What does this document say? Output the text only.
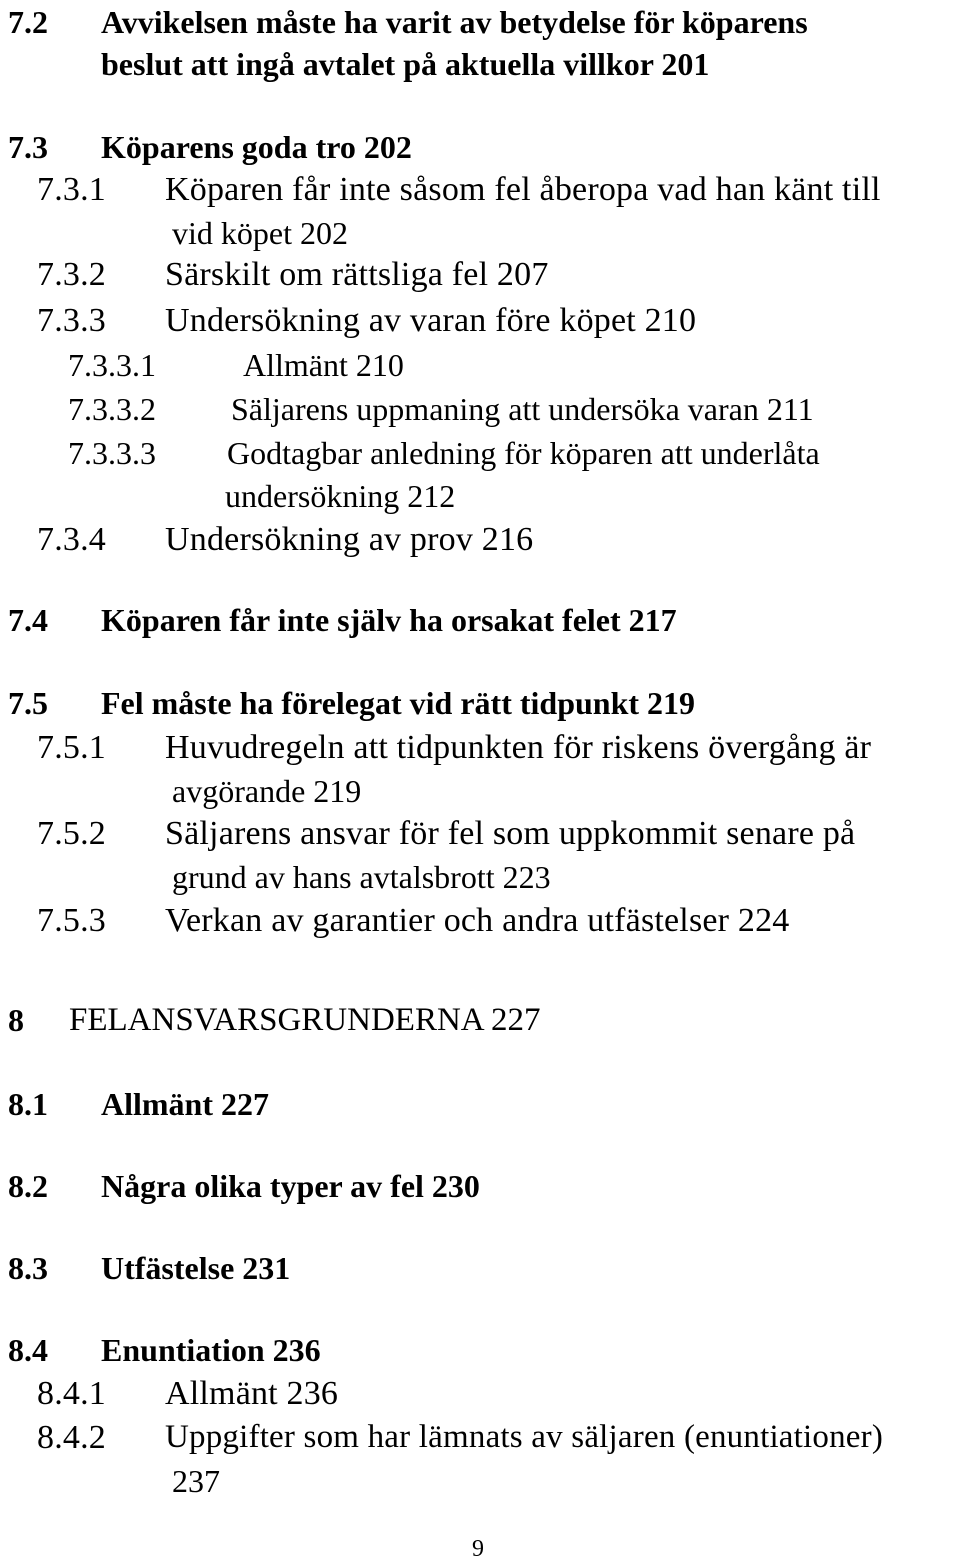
7.2 Avvikelsen måste ha varit av betydelse för köparens
beslut att ingå avtalet på aktuella villkor 201
7.3 Köparens goda tro 202
7.3.1 Köparen får inte såsom fel åberopa vad han känt till
vid köpet 202
7.3.2 Särskilt om rättsliga fel 207
7.3.3 Undersökning av varan före köpet 210
7.3.3.1	Allmänt 210
7.3.3.2 Säljarens uppmaning att undersöka varan 211
7.3.3.3 Godtagbar anledning för köparen att underlåta
undersökning 212
7.3.4 Undersökning av prov 216
7.4 Köparen får inte själv ha orsakat felet 217
7.5 Fel måste ha förelegat vid rätt tidpunkt 219
7.5.1 Huvudregeln att tidpunkten för riskens övergång är
avgörande 219
7.5.2 Säljarens ansvar för fel som uppkommit senare på
grund av hans avtalsbrott 223
7.5.3 Verkan av garantier och andra utfästelser 224
8 FELANSVARSGRUNDERNA 227
8.1 Allmänt 227
8.2 Några olika typer av fel 230
8.3 Utfästelse 231
8.4 Enuntiation 236
8.4.1 Allmänt 236
8.4.2 Uppgifter som har lämnats av säljaren (enuntiationer)
237
9
